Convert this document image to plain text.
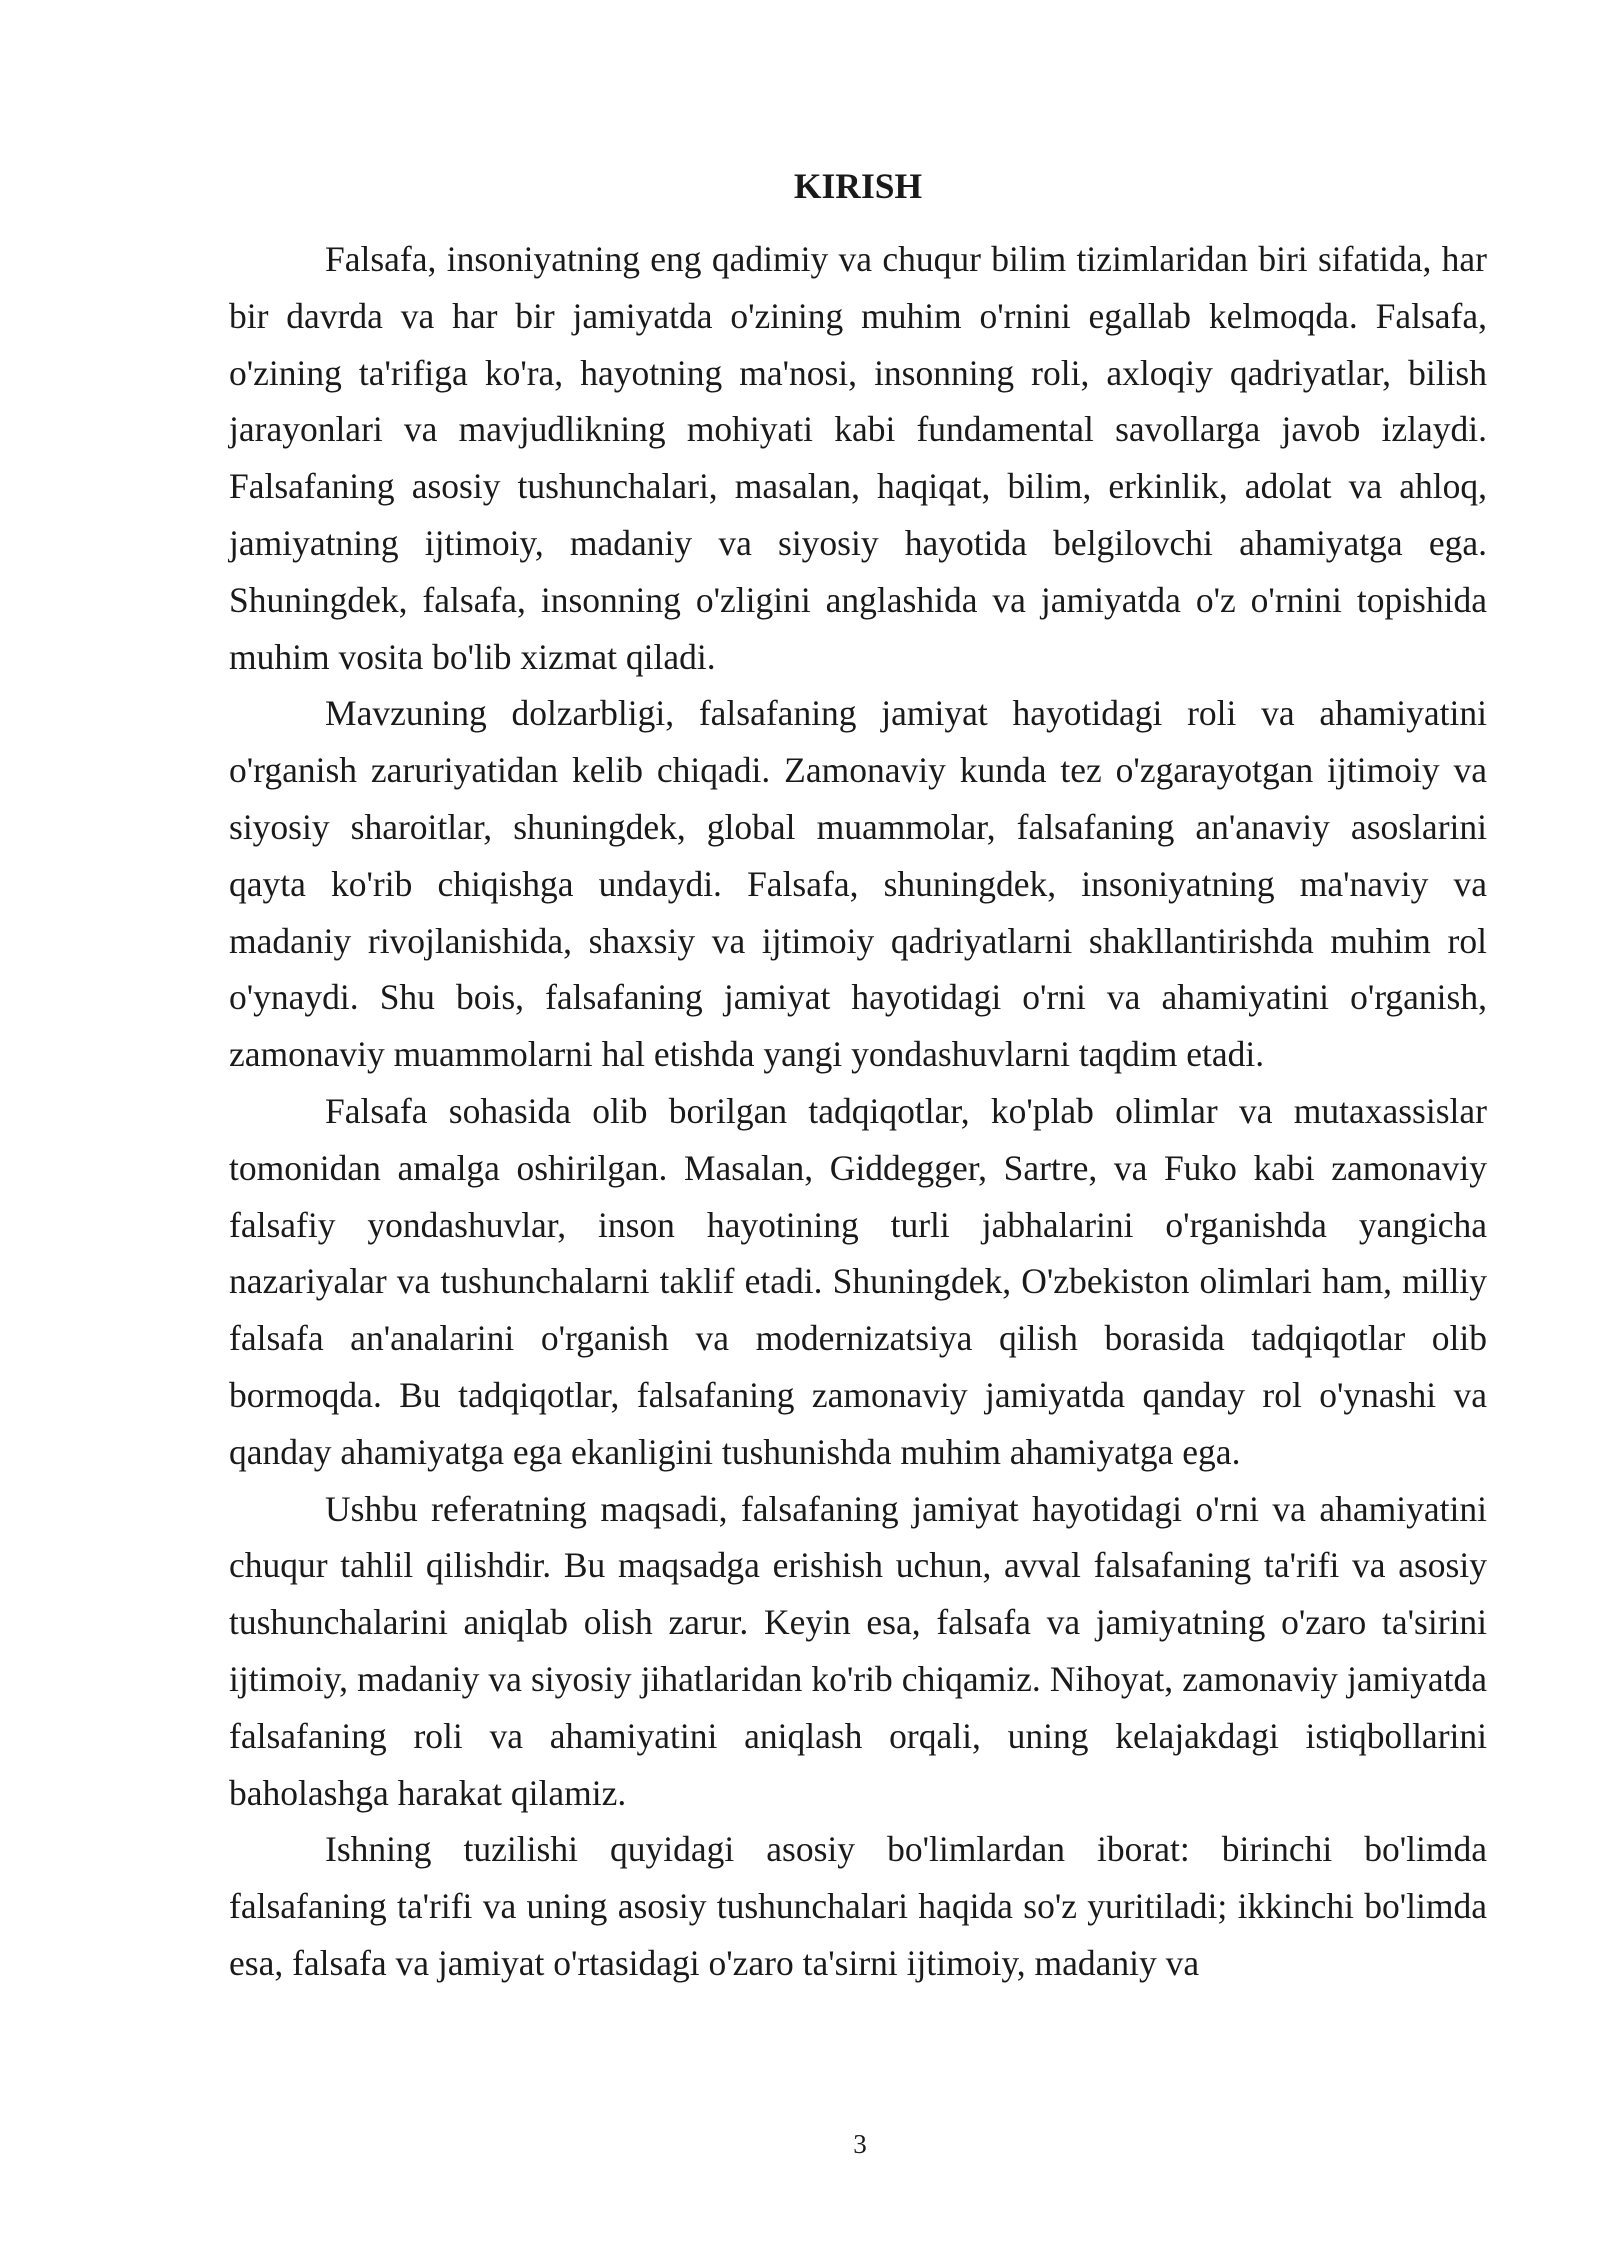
KIRISH

Falsafa, insoniyatning eng qadimiy va chuqur bilim tizimlaridan biri sifatida, har bir davrda va har bir jamiyatda o'zining muhim o'rnini egallab kelmoqda. Falsafa, o'zining ta'rifiga ko'ra, hayotning ma'nosi, insonning roli, axloqiy qadriyatlar, bilish jarayonlari va mavjudlikning mohiyati kabi fundamental savollarga javob izlaydi. Falsafaning asosiy tushunchalari, masalan, haqiqat, bilim, erkinlik, adolat va ahloq, jamiyatning ijtimoiy, madaniy va siyosiy hayotida belgilovchi ahamiyatga ega. Shuningdek, falsafa, insonning o'zligini anglashida va jamiyatda o'z o'rnini topishida muhim vosita bo'lib xizmat qiladi.

Mavzuning dolzarbligi, falsafaning jamiyat hayotidagi roli va ahamiyatini o'rganish zaruriyatidan kelib chiqadi. Zamonaviy kunda tez o'zgarayotgan ijtimoiy va siyosiy sharoitlar, shuningdek, global muammolar, falsafaning an'anaviy asoslarini qayta ko'rib chiqishga undaydi. Falsafa, shuningdek, insoniyatning ma'naviy va madaniy rivojlanishida, shaxsiy va ijtimoiy qadriyatlarni shakllantirishda muhim rol o'ynaydi. Shu bois, falsafaning jamiyat hayotidagi o'rni va ahamiyatini o'rganish, zamonaviy muammolarni hal etishda yangi yondashuvlarni taqdim etadi.

Falsafa sohasida olib borilgan tadqiqotlar, ko'plab olimlar va mutaxassislar tomonidan amalga oshirilgan. Masalan, Giddegger, Sartre, va Fuko kabi zamonaviy falsafiy yondashuvlar, inson hayotining turli jabhalarini o'rganishda yangicha nazariyalar va tushunchalarni taklif etadi. Shuningdek, O'zbekiston olimlari ham, milliy falsafa an'analarini o'rganish va modernizatsiya qilish borasida tadqiqotlar olib bormoqda. Bu tadqiqotlar, falsafaning zamonaviy jamiyatda qanday rol o'ynashi va qanday ahamiyatga ega ekanligini tushunishda muhim ahamiyatga ega.

Ushbu referatning maqsadi, falsafaning jamiyat hayotidagi o'rni va ahamiyatini chuqur tahlil qilishdir. Bu maqsadga erishish uchun, avval falsafaning ta'rifi va asosiy tushunchalarini aniqlab olish zarur. Keyin esa, falsafa va jamiyatning o'zaro ta'sirini ijtimoiy, madaniy va siyosiy jihatlaridan ko'rib chiqamiz. Nihoyat, zamonaviy jamiyatda falsafaning roli va ahamiyatini aniqlash orqali, uning kelajakdagi istiqbollarini baholashga harakat qilamiz.

Ishning tuzilishi quyidagi asosiy bo'limlardan iborat: birinchi bo'limda falsafaning ta'rifi va uning asosiy tushunchalari haqida so'z yuritiladi; ikkinchi bo'limda esa, falsafa va jamiyat o'rtasidagi o'zaro ta'sirni ijtimoiy, madaniy va

3
